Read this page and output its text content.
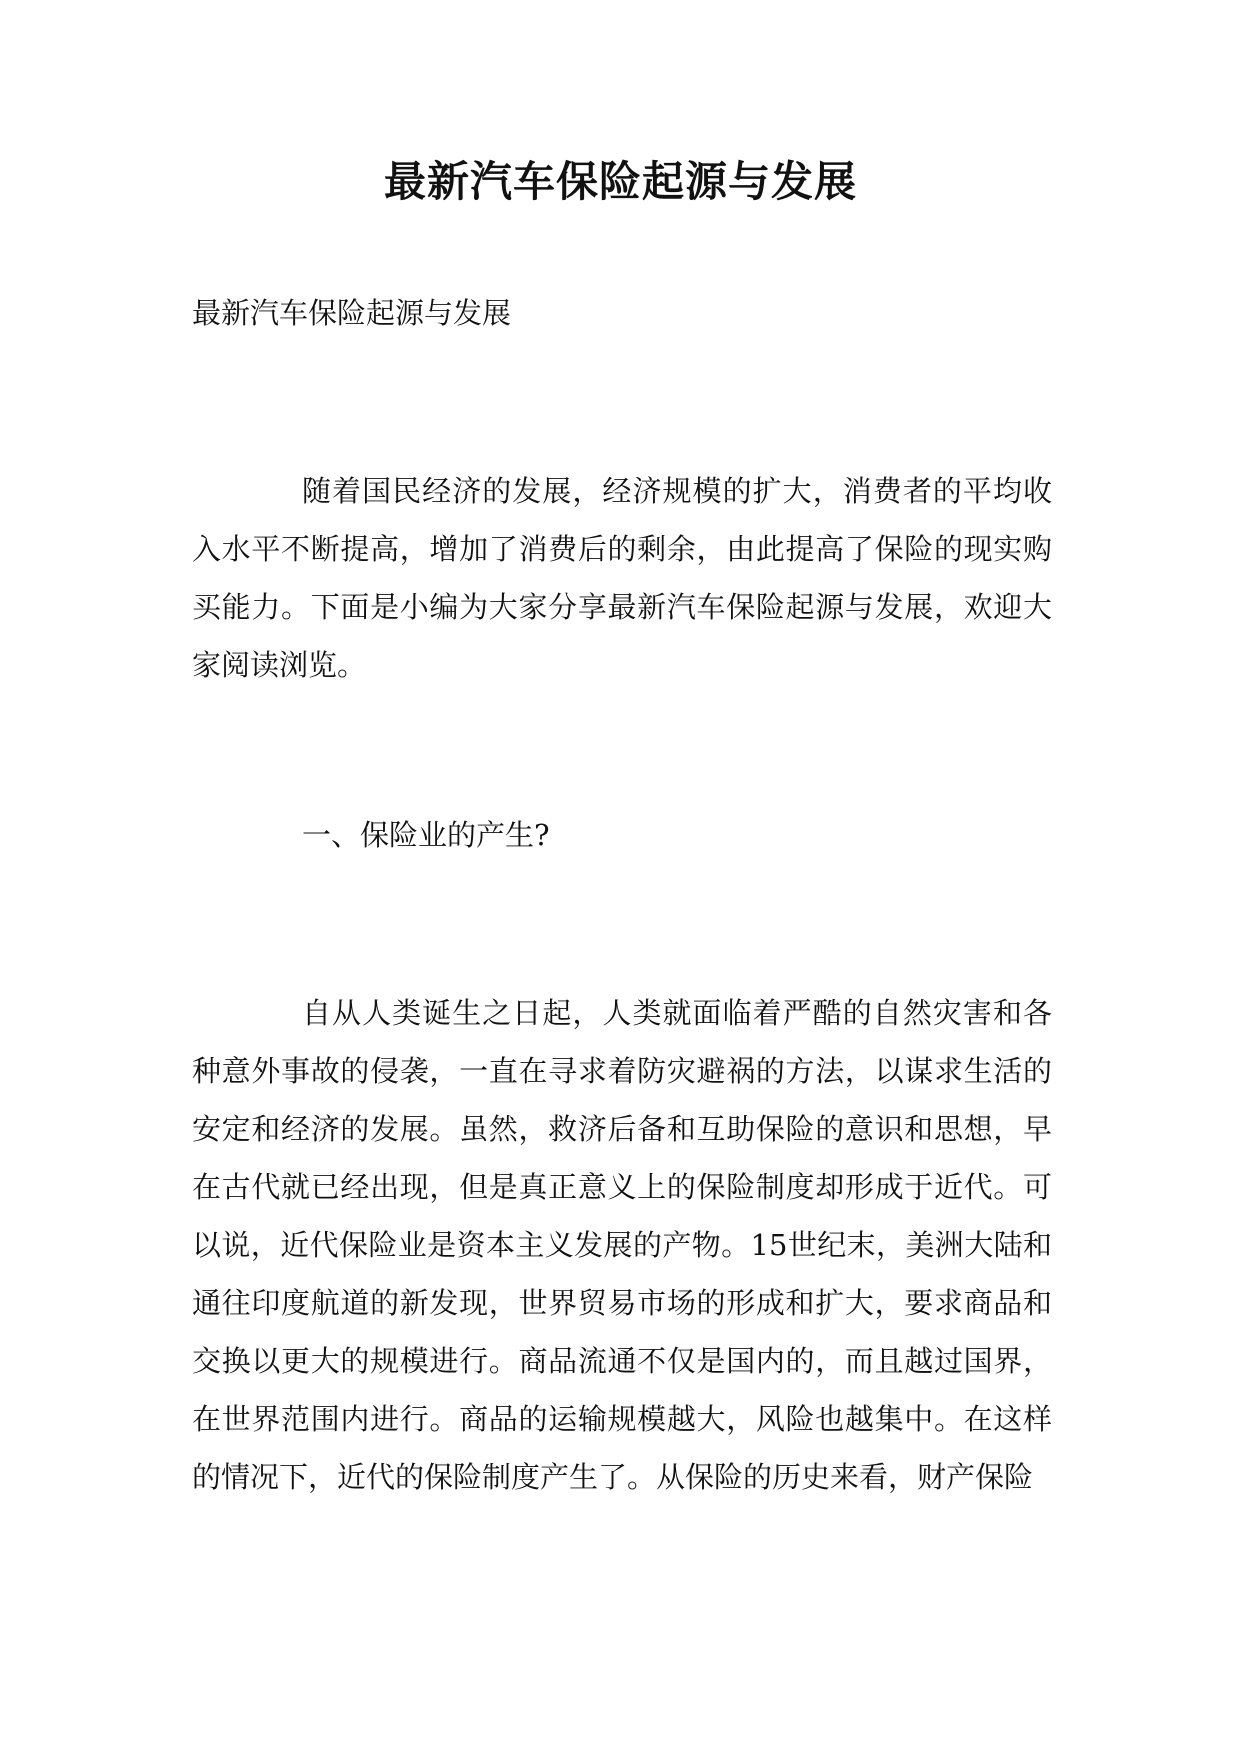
最新汽车保险起源与发展
最新汽车保险起源与发展

随着国民经济的发展，经济规模的扩大，消费者的平均收入水平不断提高，增加了消费后的剩余，由此提高了保险的现实购买能力。下面是小编为大家分享最新汽车保险起源与发展，欢迎大家阅读浏览。

一、保险业的产生?

自从人类诞生之日起，人类就面临着严酷的自然灾害和各种意外事故的侵袭，一直在寻求着防灾避祸的方法，以谋求生活的安定和经济的发展。虽然，救济后备和互助保险的意识和思想，早在古代就已经出现，但是真正意义上的保险制度却形成于近代。可以说，近代保险业是资本主义发展的产物。15世纪末，美洲大陆和通往印度航道的新发现，世界贸易市场的形成和扩大，要求商品和交换以更大的规模进行。商品流通不仅是国内的，而且越过国界，在世界范围内进行。商品的运输规模越大，风险也越集中。在这样的情况下，近代的保险制度产生了。从保险的历史来看，财产保险
